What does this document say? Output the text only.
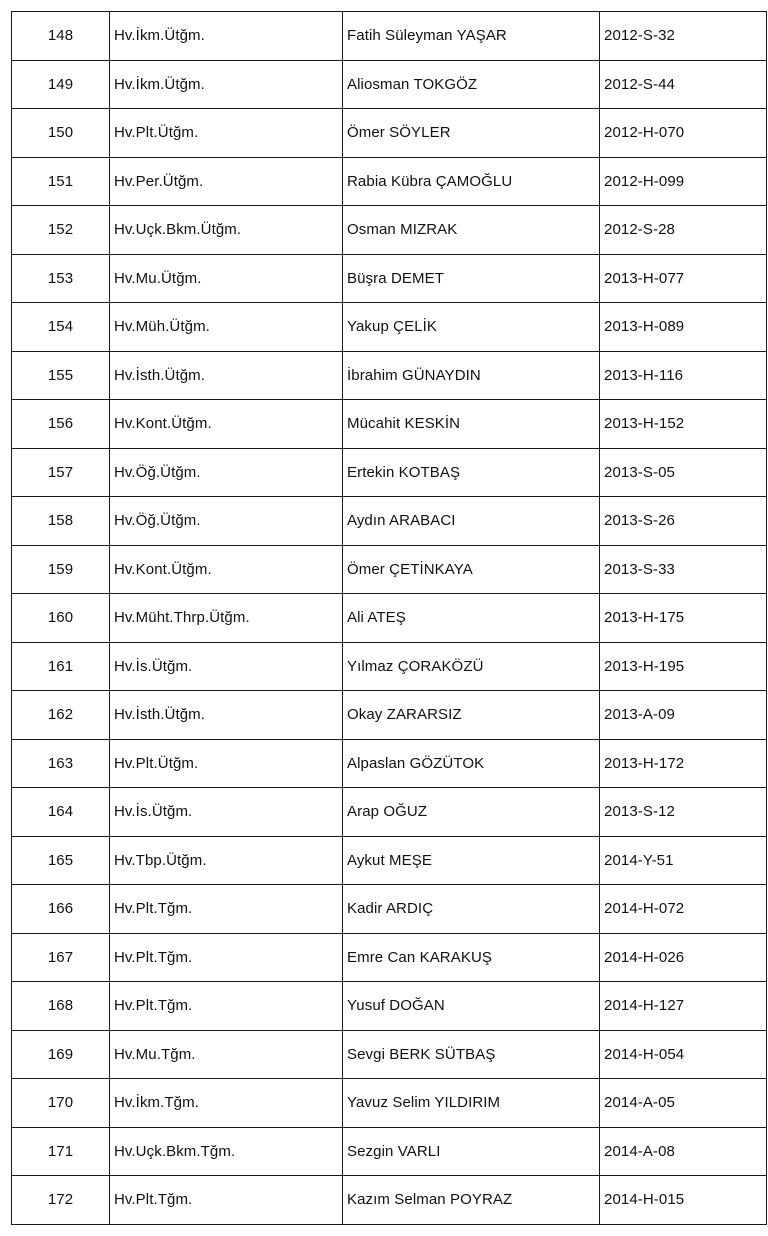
148	Hv.İkm.Ütğm.	Fatih Süleyman YAŞAR	2012-S-32
149	Hv.İkm.Ütğm.	Aliosman TOKGÖZ	2012-S-44
150	Hv.Plt.Ütğm.	Ömer SÖYLER	2012-H-070
151	Hv.Per.Ütğm.	Rabia Kübra ÇAMOĞLU	2012-H-099
152	Hv.Uçk.Bkm.Ütğm.	Osman MIZRAK	2012-S-28
153	Hv.Mu.Ütğm.	Büşra DEMET	2013-H-077
154	Hv.Müh.Ütğm.	Yakup ÇELİK	2013-H-089
155	Hv.İsth.Ütğm.	İbrahim GÜNAYDIN	2013-H-116
156	Hv.Kont.Ütğm.	Mücahit KESKİN	2013-H-152
157	Hv.Öğ.Ütğm.	Ertekin KOTBAŞ	2013-S-05
158	Hv.Öğ.Ütğm.	Aydın ARABACI	2013-S-26
159	Hv.Kont.Ütğm.	Ömer ÇETİNKAYA	2013-S-33
160	Hv.Müht.Thrp.Ütğm.	Ali ATEŞ	2013-H-175
161	Hv.İs.Ütğm.	Yılmaz ÇORAKÖZÜ	2013-H-195
162	Hv.İsth.Ütğm.	Okay ZARARSIZ	2013-A-09
163	Hv.Plt.Ütğm.	Alpaslan GÖZÜTOK	2013-H-172
164	Hv.İs.Ütğm.	Arap OĞUZ	2013-S-12
165	Hv.Tbp.Ütğm.	Aykut MEŞE	2014-Y-51
166	Hv.Plt.Tğm.	Kadir ARDIÇ	2014-H-072
167	Hv.Plt.Tğm.	Emre Can KARAKUŞ	2014-H-026
168	Hv.Plt.Tğm.	Yusuf DOĞAN	2014-H-127
169	Hv.Mu.Tğm.	Sevgi BERK SÜTBAŞ	2014-H-054
170	Hv.İkm.Tğm.	Yavuz Selim YILDIRIM	2014-A-05
171	Hv.Uçk.Bkm.Tğm.	Sezgin VARLI	2014-A-08
172	Hv.Plt.Tğm.	Kazım Selman POYRAZ	2014-H-015
